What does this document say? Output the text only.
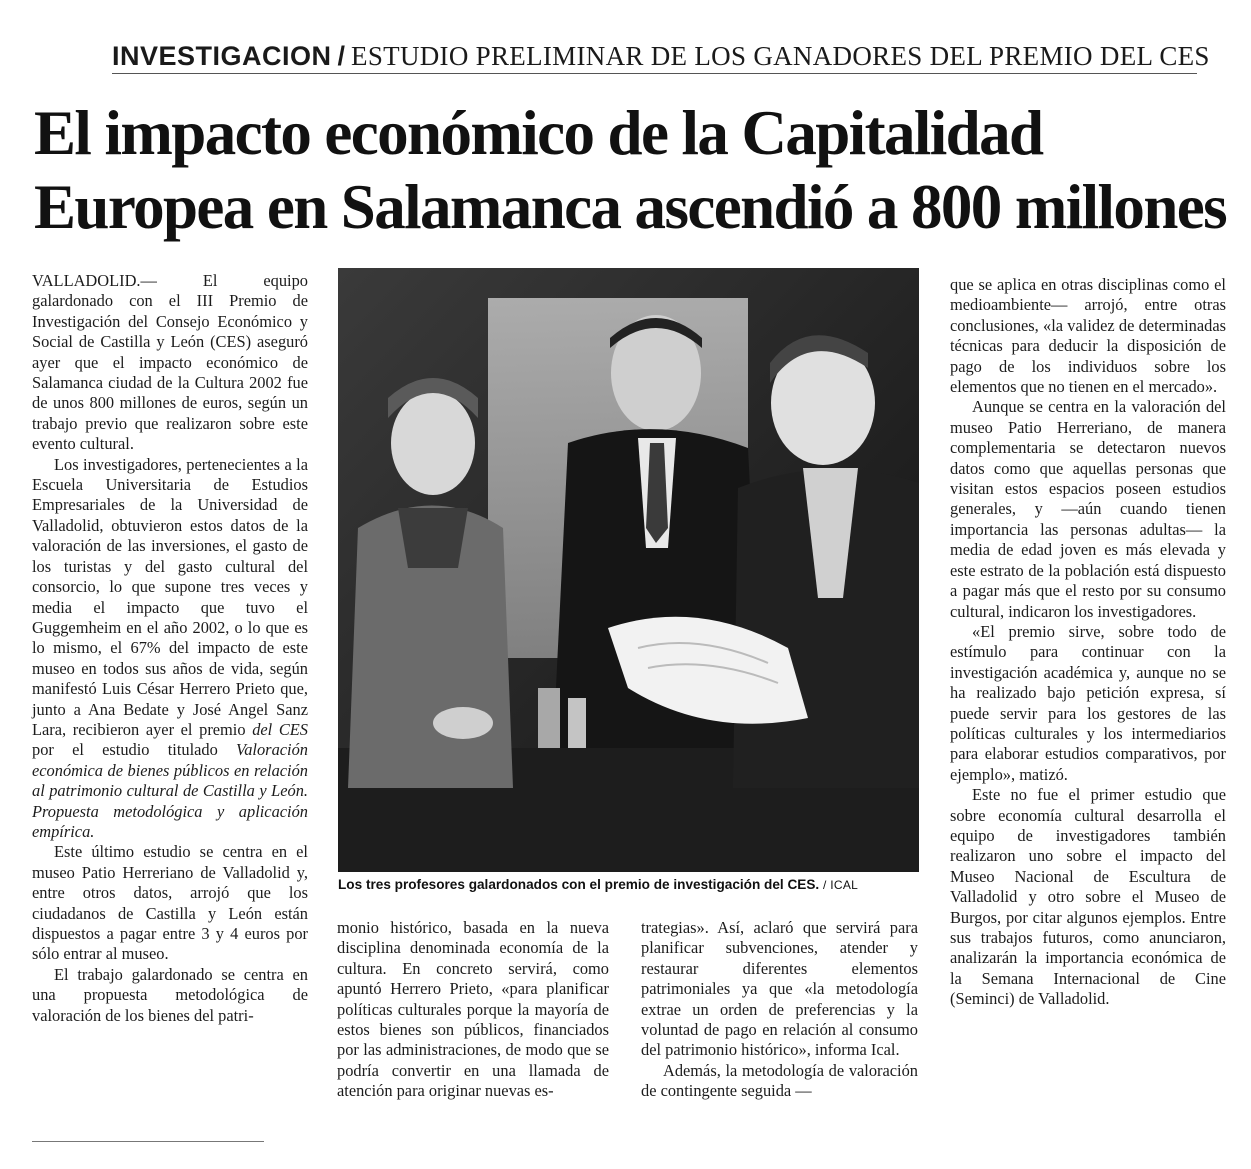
INVESTIGACION / ESTUDIO PRELIMINAR DE LOS GANADORES DEL PREMIO DEL CES
El impacto económico de la Capitalidad
Europea en Salamanca ascendió a 800 millones

VALLADOLID.— El equipo galardonado con el III Premio de Investigación del Consejo Económico y Social de Castilla y León (CES) aseguró ayer que el impacto económico de Salamanca ciudad de la Cultura 2002 fue de unos 800 millones de euros, según un trabajo previo que realizaron sobre este evento cultural.

Los investigadores, pertenecientes a la Escuela Universitaria de Estudios Empresariales de la Universidad de Valladolid, obtuvieron estos datos de la valoración de las inversiones, el gasto de los turistas y del gasto cultural del consorcio, lo que supone tres veces y media el impacto que tuvo el Guggemheim en el año 2002, o lo que es lo mismo, el 67% del impacto de este museo en todos sus años de vida, según manifestó Luis César Herrero Prieto que, junto a Ana Bedate y José Angel Sanz Lara, recibieron ayer el premio del CES por el estudio titulado Valoración económica de bienes públicos en relación al patrimonio cultural de Castilla y León. Propuesta metodológica y aplicación empírica.

Este último estudio se centra en el museo Patio Herreriano de Valladolid y, entre otros datos, arrojó que los ciudadanos de Castilla y León están dispuestos a pagar entre 3 y 4 euros por sólo entrar al museo.

El trabajo galardonado se centra en una propuesta metodológica de valoración de los bienes del patri-

Los tres profesores galardonados con el premio de investigación del CES. / ICAL

monio histórico, basada en la nueva disciplina denominada economía de la cultura. En concreto servirá, como apuntó Herrero Prieto, «para planificar políticas culturales porque la mayoría de estos bienes son públicos, financiados por las administraciones, de modo que se podría convertir en una llamada de atención para originar nuevas es-

trategias». Así, aclaró que servirá para planificar subvenciones, atender y restaurar diferentes elementos patrimoniales ya que «la metodología extrae un orden de preferencias y la voluntad de pago en relación al consumo del patrimonio histórico», informa Ical.

Además, la metodología de valoración de contingente seguida —

que se aplica en otras disciplinas como el medioambiente— arrojó, entre otras conclusiones, «la validez de determinadas técnicas para deducir la disposición de pago de los individuos sobre los elementos que no tienen en el mercado».

Aunque se centra en la valoración del museo Patio Herreriano, de manera complementaria se detectaron nuevos datos como que aquellas personas que visitan estos espacios poseen estudios generales, y —aún cuando tienen importancia las personas adultas— la media de edad joven es más elevada y este estrato de la población está dispuesto a pagar más que el resto por su consumo cultural, indicaron los investigadores.

«El premio sirve, sobre todo de estímulo para continuar con la investigación académica y, aunque no se ha realizado bajo petición expresa, sí puede servir para los gestores de las políticas culturales y los intermediarios para elaborar estudios comparativos, por ejemplo», matizó.

Este no fue el primer estudio que sobre economía cultural desarrolla el equipo de investigadores también realizaron uno sobre el impacto del Museo Nacional de Escultura de Valladolid y otro sobre el Museo de Burgos, por citar algunos ejemplos. Entre sus trabajos futuros, como anunciaron, analizarán la importancia económica de la Semana Internacional de Cine (Seminci) de Valladolid.
